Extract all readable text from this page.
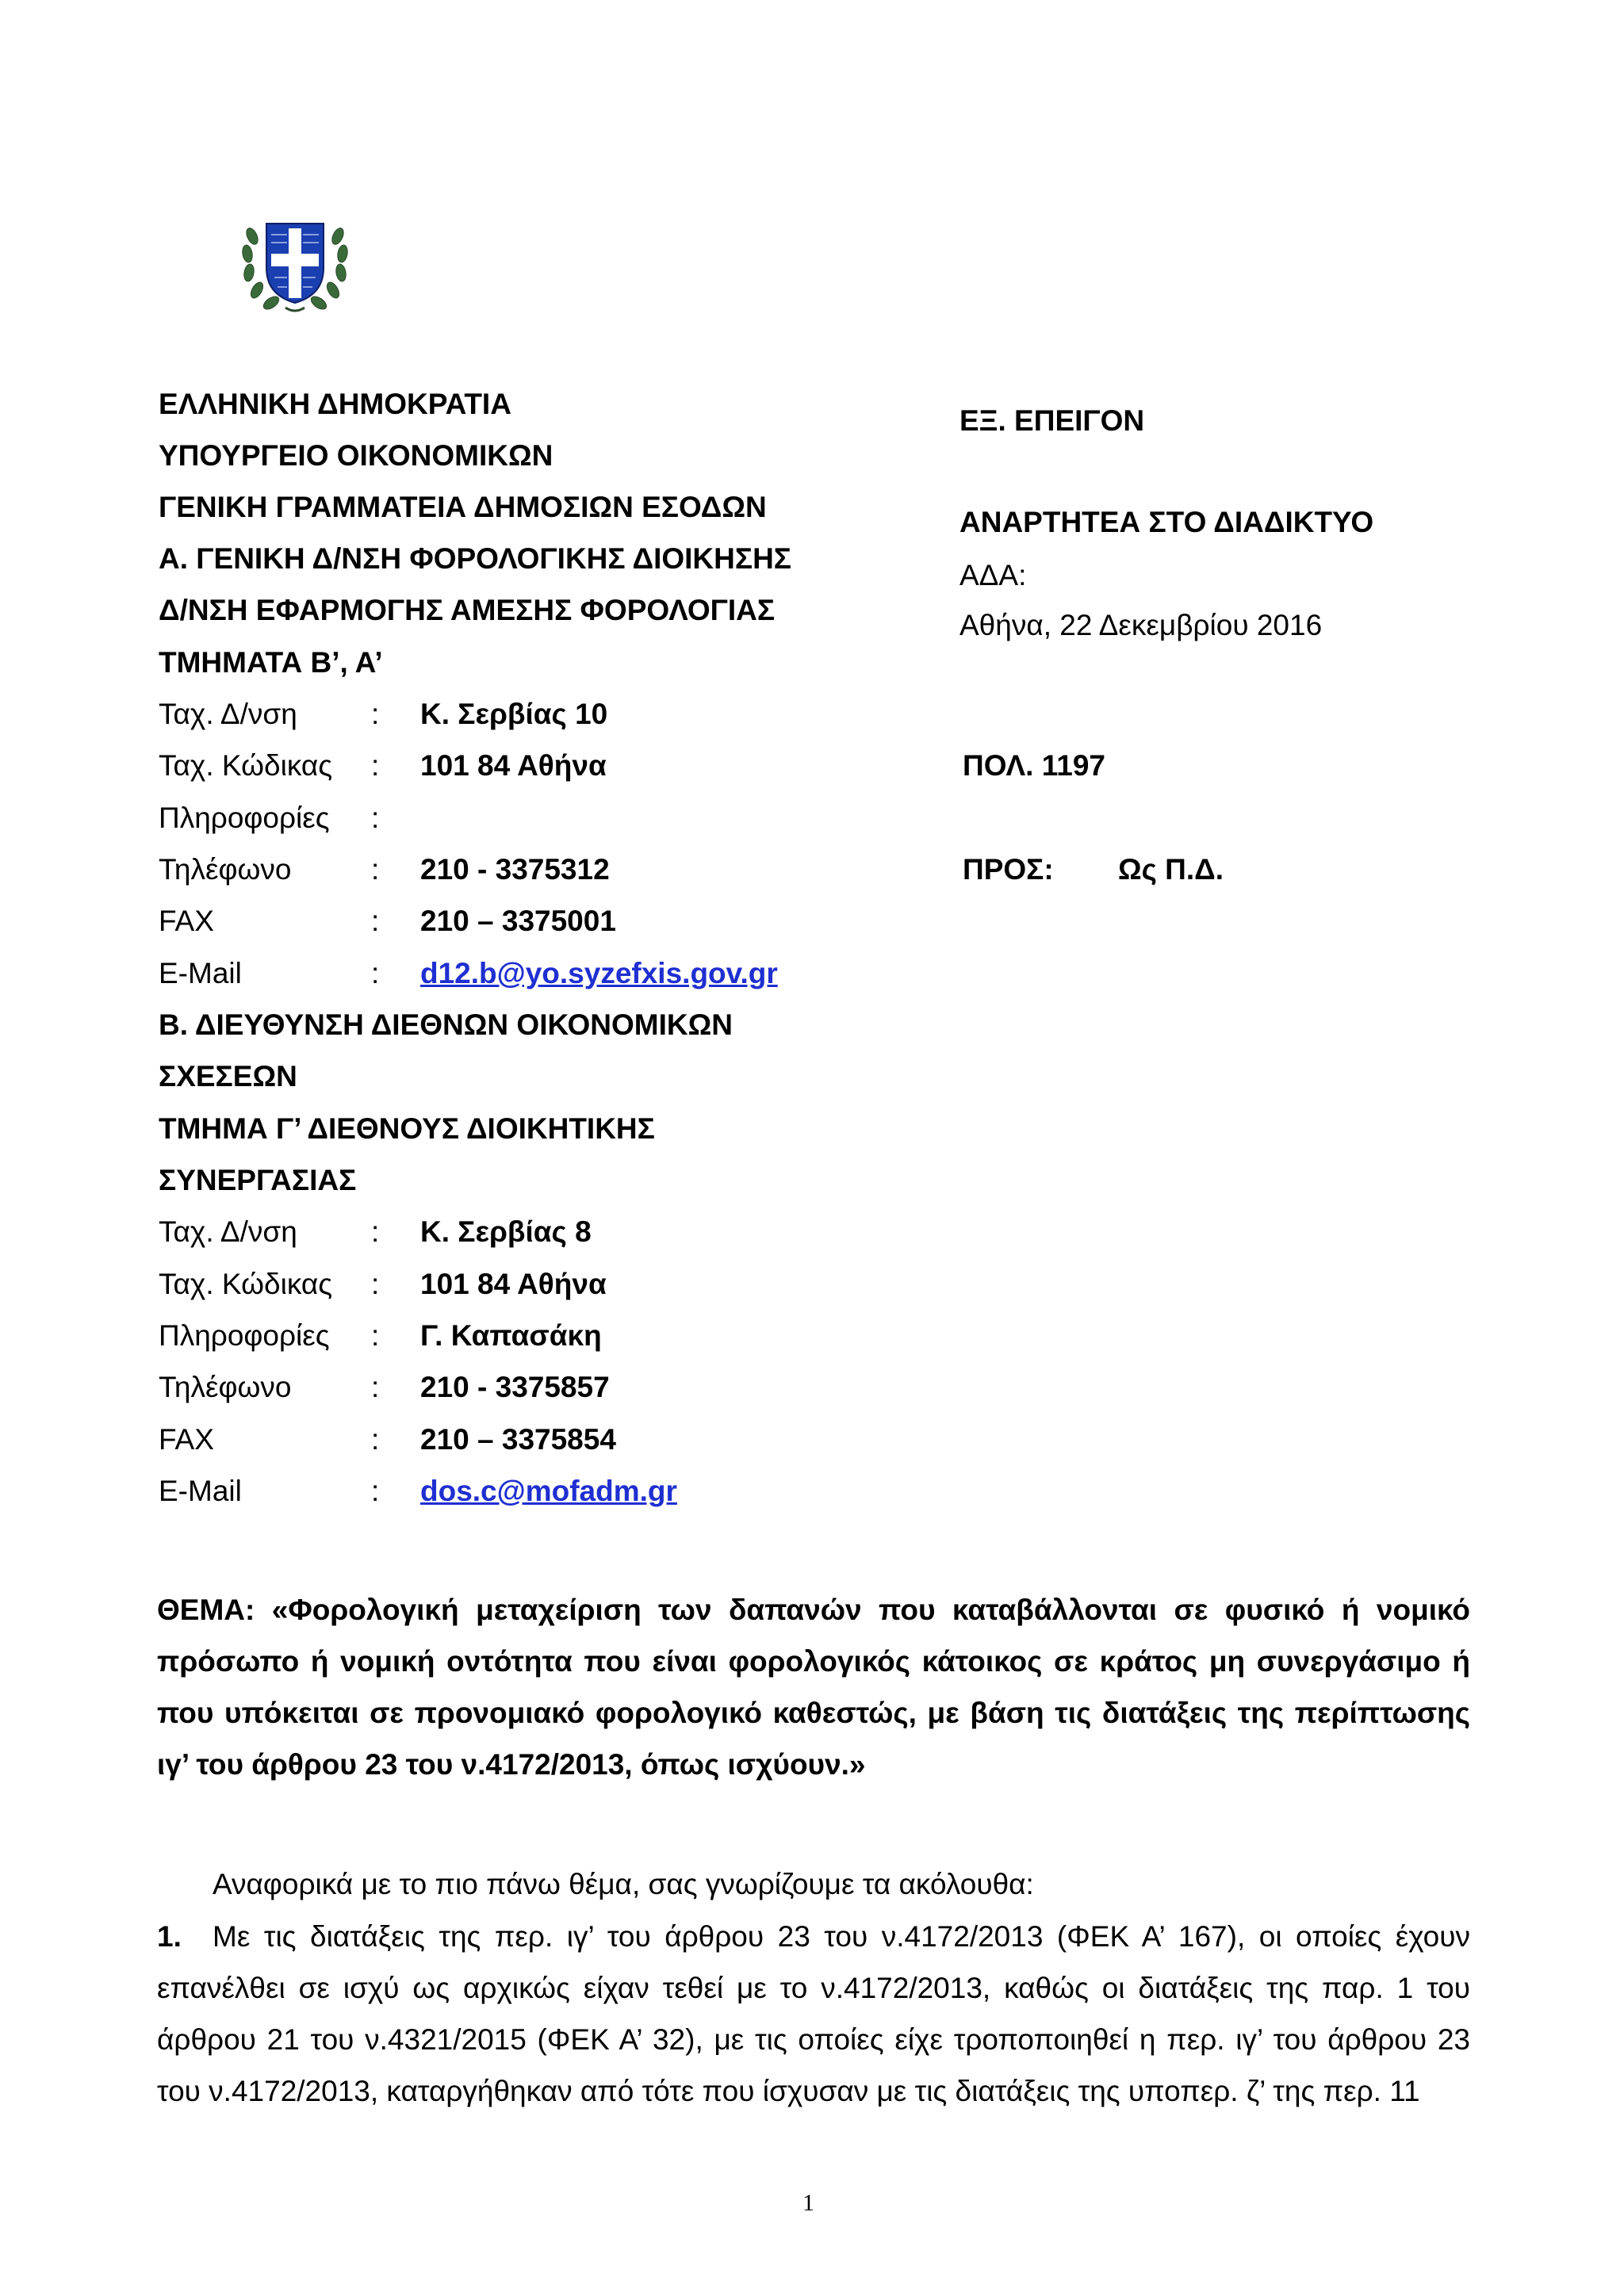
ΕΛΛΗΝΙΚΗ ΔΗΜΟΚΡΑΤΙΑ
ΥΠΟΥΡΓΕΙΟ ΟΙΚΟΝΟΜΙΚΩΝ
ΓΕΝΙΚΗ ΓΡΑΜΜΑΤΕΙΑ ΔΗΜΟΣΙΩΝ ΕΣΟΔΩΝ
Α. ΓΕΝΙΚΗ Δ/ΝΣΗ ΦΟΡΟΛΟΓΙΚΗΣ ΔΙΟΙΚΗΣΗΣ
Δ/ΝΣΗ ΕΦΑΡΜΟΓΗΣ ΑΜΕΣΗΣ ΦΟΡΟΛΟΓΙΑΣ
ΤΜΗΜΑΤΑ Β’, Α’
Ταχ. Δ/νση	: Κ. Σερβίας 10
Ταχ. Κώδικας : 101 84 Αθήνα
Πληροφορίες :
Τηλέφωνο	: 210 - 3375312
FAX	: 210 – 3375001
E-Mail	: d12.b@yo.syzefxis.gov.gr
Β. ΔΙΕΥΘΥΝΣΗ ΔΙΕΘΝΩΝ ΟΙΚΟΝΟΜΙΚΩΝ
ΣΧΕΣΕΩΝ
ΤΜΗΜΑ Γ’ ΔΙΕΘΝΟΥΣ ΔΙΟΙΚΗΤΙΚΗΣ
ΣΥΝΕΡΓΑΣΙΑΣ
Ταχ. Δ/νση	: Κ. Σερβίας 8
Ταχ. Κώδικας : 101 84 Αθήνα
Πληροφορίες : Γ. Καπασάκη
Τηλέφωνο	: 210 - 3375857
FAX	: 210 – 3375854
E-Mail	: dos.c@mofadm.gr
ΕΞ. ΕΠΕΙΓΟΝ
ΑΝΑΡΤΗΤΕΑ ΣΤΟ ΔΙΑΔΙΚΤΥΟ
ΑΔΑ:
Αθήνα, 22 Δεκεμβρίου 2016
ΠΟΛ. 1197
ΠΡΟΣ: Ως Π.Δ.
ΘΕΜΑ: «Φορολογική μεταχείριση των δαπανών που καταβάλλονται σε φυσικό ή νομικό πρόσωπο ή νομική οντότητα που είναι φορολογικός κάτοικος σε κράτος μη συνεργάσιμο ή που υπόκειται σε προνομιακό φορολογικό καθεστώς, με βάση τις διατάξεις της περίπτωσης ιγ’ του άρθρου 23 του ν.4172/2013, όπως ισχύουν.»
Αναφορικά με το πιο πάνω θέμα, σας γνωρίζουμε τα ακόλουθα:
1. Με τις διατάξεις της περ. ιγ’ του άρθρου 23 του ν.4172/2013 (ΦΕΚ Α’ 167), οι οποίες έχουν επανέλθει σε ισχύ ως αρχικώς είχαν τεθεί με το ν.4172/2013, καθώς οι διατάξεις της παρ. 1 του άρθρου 21 του ν.4321/2015 (ΦΕΚ Α’ 32), με τις οποίες είχε τροποποιηθεί η περ. ιγ’ του άρθρου 23 του ν.4172/2013, καταργήθηκαν από τότε που ίσχυσαν με τις διατάξεις της υποπερ. ζ’ της περ. 11
1
